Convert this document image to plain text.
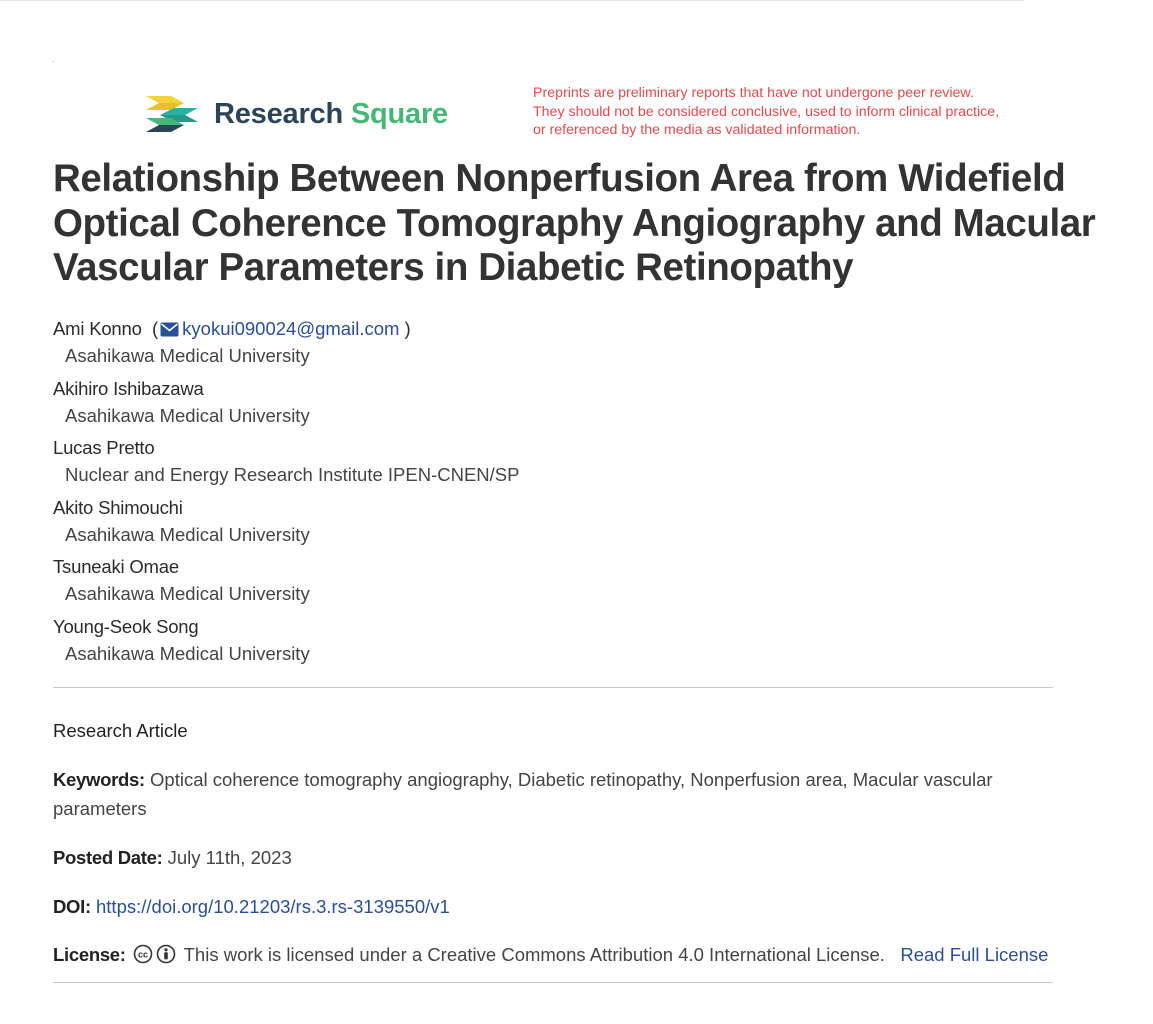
Research Square
Preprints are preliminary reports that have not undergone peer review.
They should not be considered conclusive, used to inform clinical practice,
or referenced by the media as validated information.
Relationship Between Nonperfusion Area from Widefield
Optical Coherence Tomography Angiography and Macular
Vascular Parameters in Diabetic Retinopathy
Ami Konno  ( kyokui090024@gmail.com )
Asahikawa Medical University
Akihiro Ishibazawa
Asahikawa Medical University
Lucas Pretto
Nuclear and Energy Research Institute IPEN-CNEN/SP
Akito Shimouchi
Asahikawa Medical University
Tsuneaki Omae
Asahikawa Medical University
Young-Seok Song
Asahikawa Medical University
Research Article
Keywords: Optical coherence tomography angiography, Diabetic retinopathy, Nonperfusion area, Macular vascular
parameters
Posted Date: July 11th, 2023
DOI: https://doi.org/10.21203/rs.3.rs-3139550/v1
License: cc This work is licensed under a Creative Commons Attribution 4.0 International License. Read Full License
